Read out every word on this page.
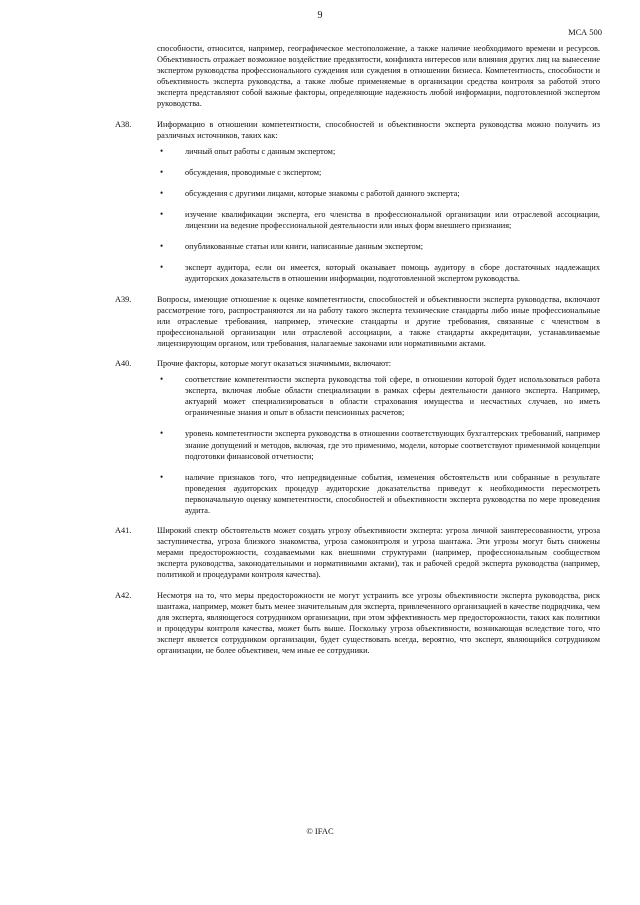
9
МСА 500

способности, относится, например, географическое местоположение, а также наличие необходимого времени и ресурсов. Объективность отражает возможное воздействие предвзятости, конфликта интересов или влияния других лиц на вынесение экспертом руководства профессионального суждения или суждения в отношении бизнеса. Компетентность, способности и объективность эксперта руководства, а также любые применяемые в организации средства контроля за работой этого эксперта представляют собой важные факторы, определяющие надежность любой информации, подготовленной экспертом руководства.

A38.	Информацию в отношении компетентности, способностей и объективности эксперта руководства можно получить из различных источников, таких как:

•	личный опыт работы с данным экспертом;
•	обсуждения, проводимые с экспертом;
•	обсуждения с другими лицами, которые знакомы с работой данного эксперта;
•	изучение квалификации эксперта, его членства в профессиональной организации или отраслевой ассоциации, лицензии на ведение профессиональной деятельности или иных форм внешнего признания;
•	опубликованные статьи или книги, написанные данным экспертом;
•	эксперт аудитора, если он имеется, который оказывает помощь аудитору в сборе достаточных надлежащих аудиторских доказательств в отношении информации, подготовленной экспертом руководства.
A39.	Вопросы, имеющие отношение к оценке компетентности, способностей и объективности эксперта руководства, включают рассмотрение того, распространяются ли на работу такого эксперта технические стандарты либо иные профессиональные или отраслевые требования, например, этические стандарты и другие требования, связанные с членством в профессиональной организации или отраслевой ассоциации, а также стандарты аккредитации, устанавливаемые лицензирующим органом, или требования, налагаемые законами или нормативными актами.

A40.	Прочие факторы, которые могут оказаться значимыми, включают:

•	соответствие компетентности эксперта руководства той сфере, в отношении которой будет использоваться работа эксперта, включая любые области специализации в рамках сферы деятельности данного эксперта. Например, актуарий может специализироваться в области страхования имущества и несчастных случаев, но иметь ограниченные знания и опыт в области пенсионных расчетов;
•	уровень компетентности эксперта руководства в отношении соответствующих бухгалтерских требований, например знание допущений и методов, включая, где это применимо, модели, которые соответствуют применимой концепции подготовки финансовой отчетности;
•	наличие признаков того, что непредвиденные события, изменения обстоятельств или собранные в результате проведения аудиторских процедур аудиторские доказательства приведут к необходимости пересмотреть первоначальную оценку компетентности, способностей и объективности эксперта руководства по мере проведения аудита.
A41.	Широкий спектр обстоятельств может создать угрозу объективности эксперта: угроза личной заинтересованности, угроза заступничества, угроза близкого знакомства, угроза самоконтроля и угроза шантажа. Эти угрозы могут быть снижены мерами предосторожности, создаваемыми как внешними структурами (например, профессиональным сообществом эксперта руководства, законодательными и нормативными актами), так и рабочей средой эксперта руководства (например, политикой и процедурами контроля качества).

A42.	Несмотря на то, что меры предосторожности не могут устранить все угрозы объективности эксперта руководства, риск шантажа, например, может быть менее значительным для эксперта, привлеченного организацией в качестве подрядчика, чем для эксперта, являющегося сотрудником организации, при этом эффективность мер предосторожности, таких как политики и процедуры контроля качества, может быть выше. Поскольку угроза объективности, возникающая вследствие того, что эксперт является сотрудником организации, будет существовать всегда, вероятно, что эксперт, являющийся сотрудником организации, не более объективен, чем иные ее сотрудники.

© IFAC
